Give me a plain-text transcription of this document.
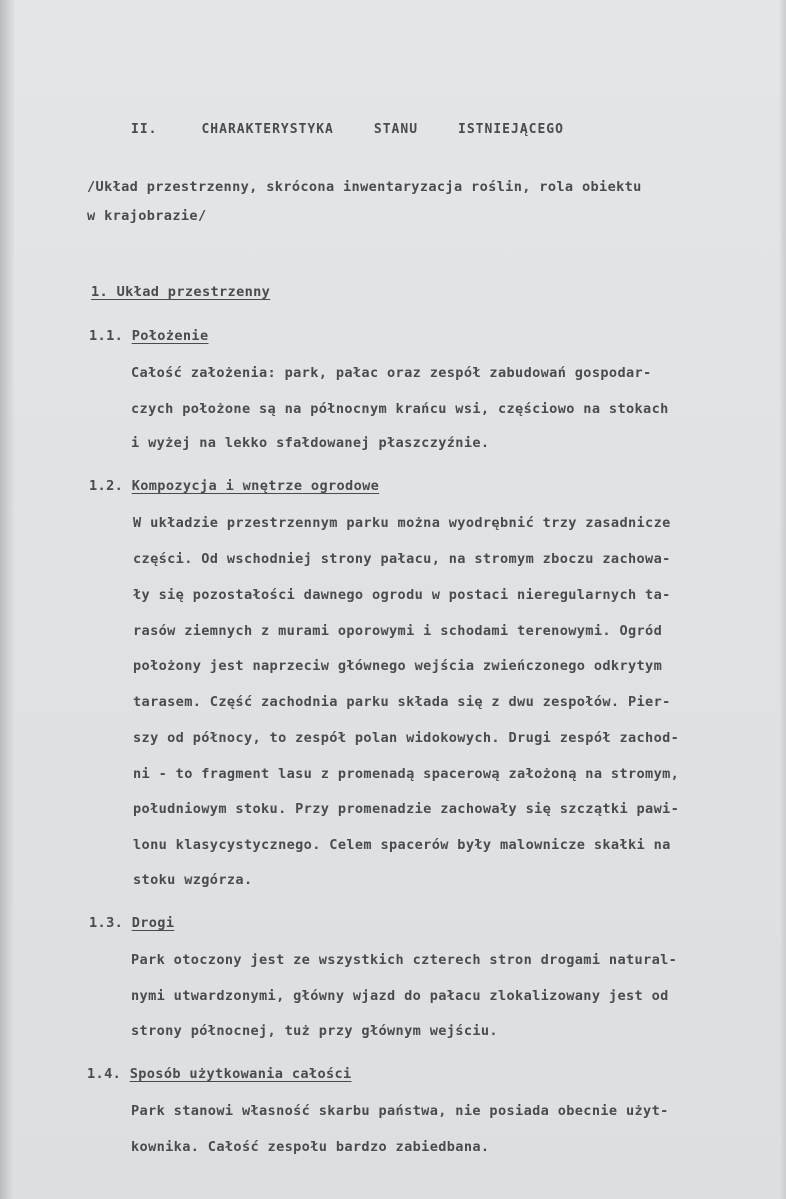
II.	CHARAKTERYSTYKA	STANU	ISTNIEJĄCEGO
/Układ przestrzenny, skrócona inwentaryzacja roślin, rola obiektu
w krajobrazie/
1. Układ przestrzenny
1.1. Położenie
Całość założenia: park, pałac oraz zespół zabudowań gospodar-
czych położone są na północnym krańcu wsi, częściowo na stokach
i wyżej na lekko sfałdowanej płaszczyźnie.
1.2. Kompozycja i wnętrze ogrodowe
W układzie przestrzennym parku można wyodrębnić trzy zasadnicze
części. Od wschodniej strony pałacu, na stromym zboczu zachowa-
ły się pozostałości dawnego ogrodu w postaci nieregularnych ta-
rasów ziemnych z murami oporowymi i schodami terenowymi. Ogród
położony jest naprzeciw głównego wejścia zwieńczonego odkrytym
tarasem. Część zachodnia parku składa się z dwu zespołów. Pier-
szy od północy, to zespół polan widokowych. Drugi zespół zachod-
ni - to fragment lasu z promenadą spacerową założoną na stromym,
południowym stoku. Przy promenadzie zachowały się szczątki pawi-
lonu klasycystycznego. Celem spacerów były malownicze skałki na
stoku wzgórza.
1.3. Drogi
Park otoczony jest ze wszystkich czterech stron drogami natural-
nymi utwardzonymi, główny wjazd do pałacu zlokalizowany jest od
strony północnej, tuż przy głównym wejściu.
1.4. Sposób użytkowania całości
Park stanowi własność skarbu państwa, nie posiada obecnie użyt-
kownika. Całość zespołu bardzo zabiedbana.
